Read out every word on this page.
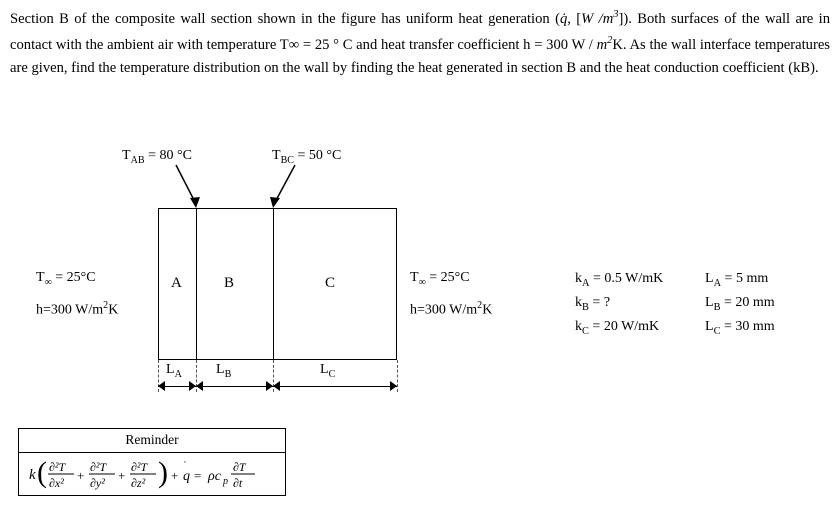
Section B of the composite wall section shown in the figure has uniform heat generation (q̇, [W $/m^3$]). Both surfaces of the wall are in contact with the ambient air with temperature T∞ = 25 ° C and heat transfer coefficient h = 300 W / $m^2K$. As the wall interface temperatures are given, find the temperature distribution on the wall by finding the heat generated in section B and the heat conduction coefficient (kB).
$T_{AB} = 80$ °C	$T_{BC} = 50$ °C
A	B	C
$T_\infty = 25^\circ C$
h=300 $W/m^2K$
$T_\infty = 25^\circ C$
h=300 $W/m^2K$
$L_A$ $L_B$	$L_C$
$k_A = 0.5$ W/mK
$k_B$ = ?
$k_C = 20$ W/mK
$L_A = 5$ mm
$L_B = 20$ mm
$L_C = 30$ mm
Reminder
k ( ∂²T
∂x² +
∂²T
∂y² +
∂²T
∂z² ) + q = ρc p
∂T
∂t
